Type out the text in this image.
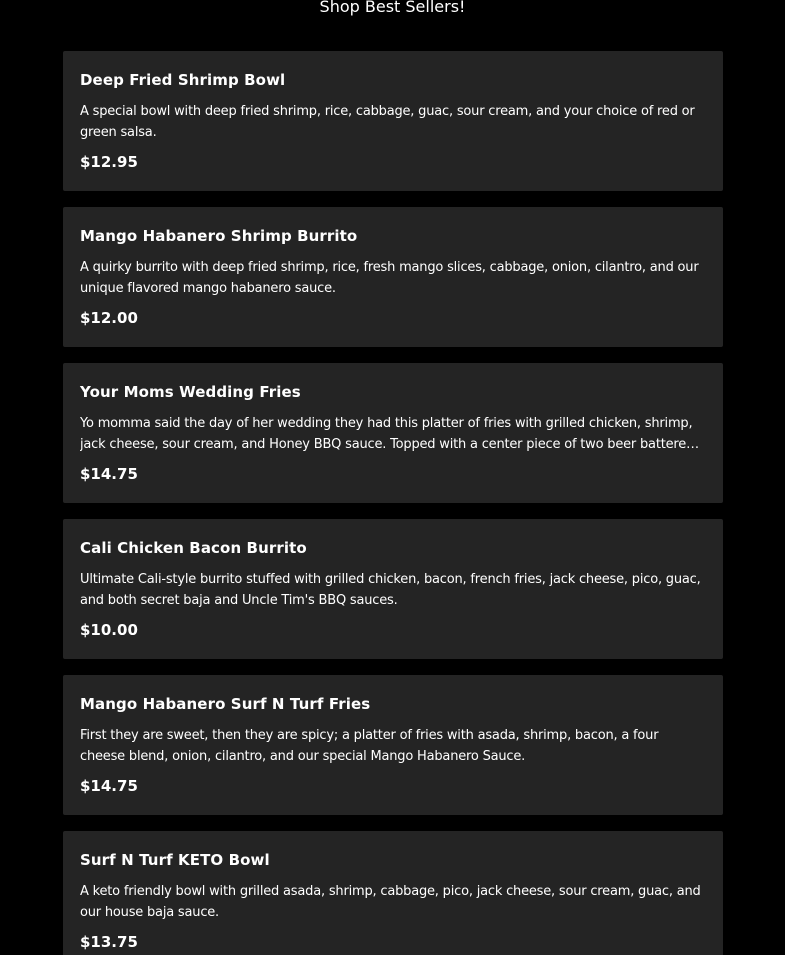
Shop Best Sellers!
Deep Fried Shrimp Bowl

A special bowl with deep fried shrimp, rice, cabbage, guac, sour cream, and your choice of red or green salsa.

$12.95
Mango Habanero Shrimp Burrito

A quirky burrito with deep fried shrimp, rice, fresh mango slices, cabbage, onion, cilantro, and our unique flavored mango habanero sauce.

$12.00
Your Moms Wedding Fries

Yo momma said the day of her wedding they had this platter of fries with grilled chicken, shrimp, jack cheese, sour cream, and Honey BBQ sauce. Topped with a center piece of two beer battered

$14.75
Cali Chicken Bacon Burrito

Ultimate Cali-style burrito stuffed with grilled chicken, bacon, french fries, jack cheese, pico, guac, and both secret baja and Uncle Tim's BBQ sauces.

$10.00
Mango Habanero Surf N Turf Fries

First they are sweet, then they are spicy; a platter of fries with asada, shrimp, bacon, a four cheese blend, onion, cilantro, and our special Mango Habanero Sauce.

$14.75
Surf N Turf KETO Bowl

A keto friendly bowl with grilled asada, shrimp, cabbage, pico, jack cheese, sour cream, guac, and our house baja sauce.

$13.75
